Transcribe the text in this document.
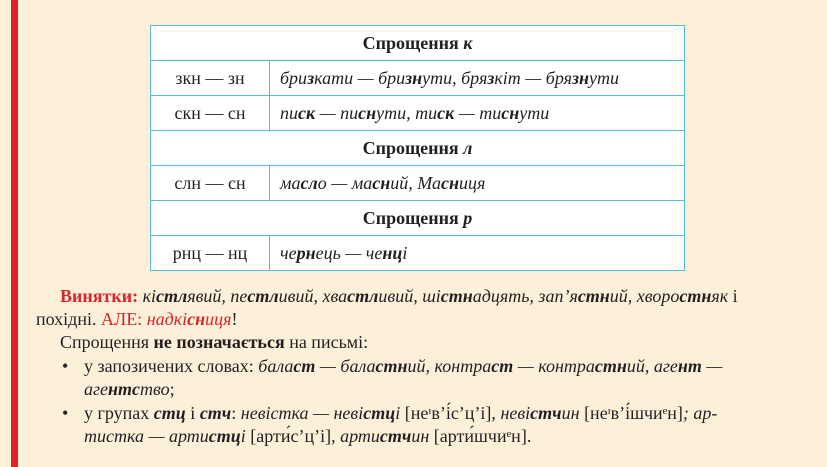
Спрощення к	
зкн — зн	бризкати — бризнути, брязкіт — брязнути
скн — сн	писк — писнути, тиск — тиснути
Спрощення л	
слн — сн	масло — масний, Масниця
Спрощення р	
рнц — нц	чернець — ченці
Винятки: кістлявий, пестливий, хвастливий, шістнадцять, зап’ястний, хворостняк і
похідні. АЛЕ: надкісниця!
Спрощення не позначається на письмі:
• у запозичених словах: баласт — баластний, контраст — контрастний, агент —
агентство;
• у групах стц і стч: невістка — невістці [неᶦв’і́с’ц’і], невістчин [неᶦв’і́шчиᵉн]; ар-
тистка — артистці [арти́с’ц’і], артистчин [арти́шчиᵉн].
